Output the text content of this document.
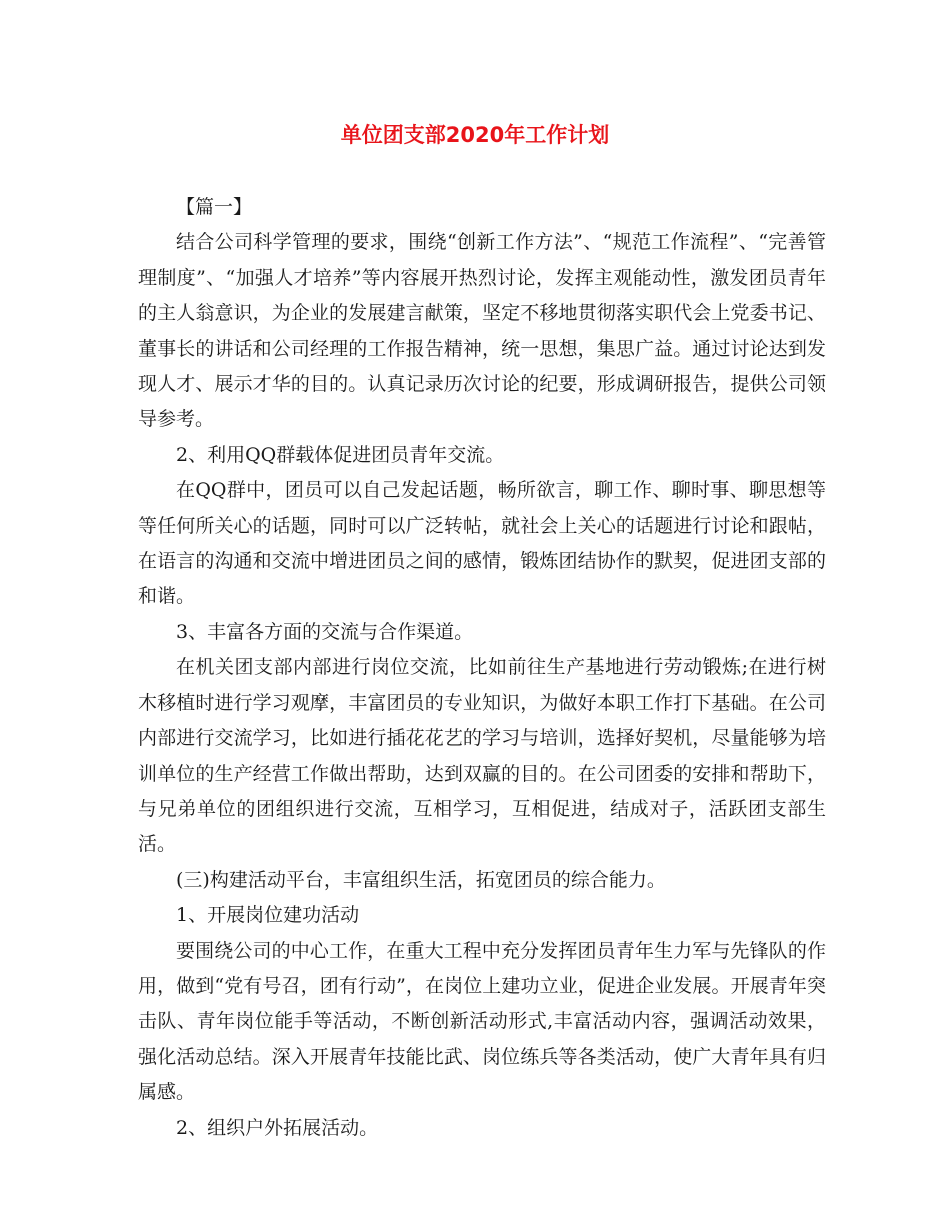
单位团支部2020年工作计划

【篇一】

结合公司科学管理的要求，围绕“创新工作方法”、“规范工作流程”、“完善管理制度”、“加强人才培养”等内容展开热烈讨论，发挥主观能动性，激发团员青年的主人翁意识，为企业的发展建言献策，坚定不移地贯彻落实职代会上党委书记、董事长的讲话和公司经理的工作报告精神，统一思想，集思广益。通过讨论达到发现人才、展示才华的目的。认真记录历次讨论的纪要，形成调研报告，提供公司领导参考。

2、利用QQ群载体促进团员青年交流。

在QQ群中，团员可以自己发起话题，畅所欲言，聊工作、聊时事、聊思想等等任何所关心的话题，同时可以广泛转帖，就社会上关心的话题进行讨论和跟帖，在语言的沟通和交流中增进团员之间的感情，锻炼团结协作的默契，促进团支部的和谐。

3、丰富各方面的交流与合作渠道。

在机关团支部内部进行岗位交流，比如前往生产基地进行劳动锻炼;在进行树木移植时进行学习观摩，丰富团员的专业知识，为做好本职工作打下基础。在公司内部进行交流学习，比如进行插花花艺的学习与培训，选择好契机，尽量能够为培训单位的生产经营工作做出帮助，达到双赢的目的。在公司团委的安排和帮助下，与兄弟单位的团组织进行交流，互相学习，互相促进，结成对子，活跃团支部生活。

(三)构建活动平台，丰富组织生活，拓宽团员的综合能力。

1、开展岗位建功活动

要围绕公司的中心工作，在重大工程中充分发挥团员青年生力军与先锋队的作用，做到“党有号召，团有行动”，在岗位上建功立业，促进企业发展。开展青年突击队、青年岗位能手等活动，不断创新活动形式,丰富活动内容，强调活动效果，强化活动总结。深入开展青年技能比武、岗位练兵等各类活动，使广大青年具有归属感。

2、组织户外拓展活动。
